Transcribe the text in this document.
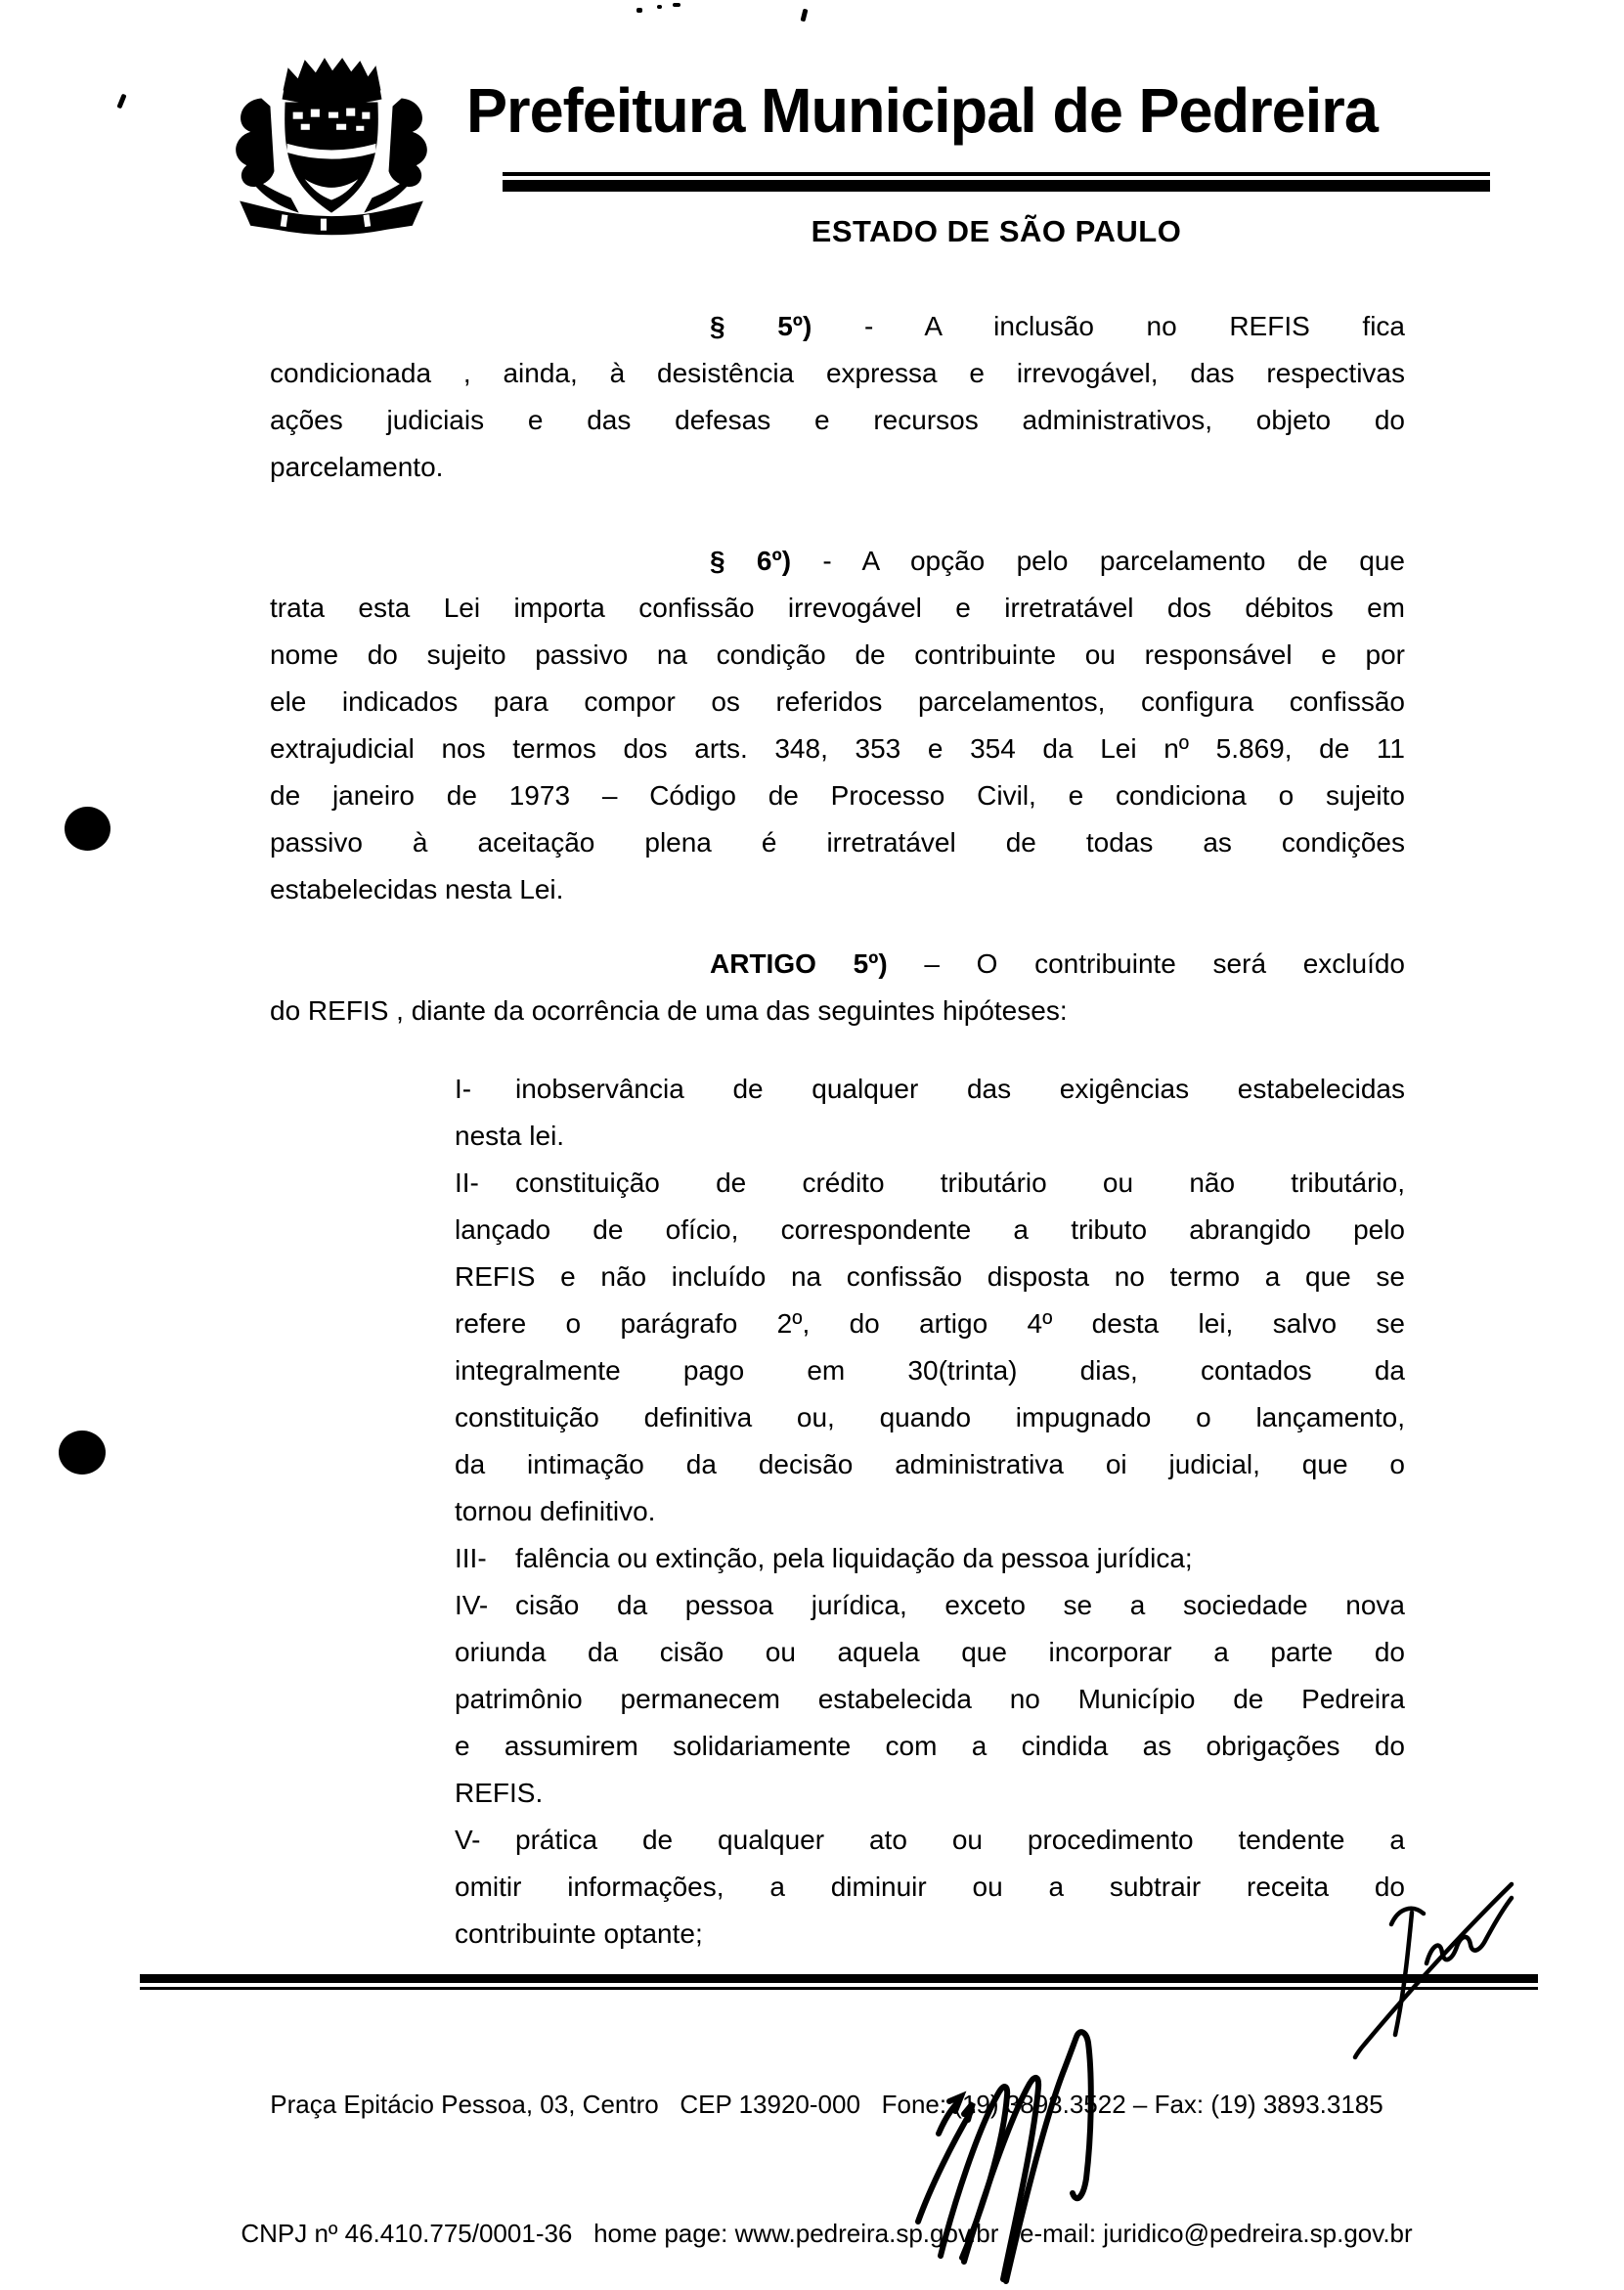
Prefeitura Municipal de Pedreira
ESTADO DE SÃO PAULO
§ 5º) - A inclusão no REFIS fica
condicionada , ainda, à desistência expressa e irrevogável, das respectivas
ações judiciais e das defesas e recursos administrativos, objeto do
parcelamento.
§ 6º) - A opção pelo parcelamento de que
trata esta Lei importa confissão irrevogável e irretratável dos débitos em
nome do sujeito passivo na condição de contribuinte ou responsável e por
ele indicados para compor os referidos parcelamentos, configura confissão
extrajudicial nos termos dos arts. 348, 353 e 354 da Lei nº 5.869, de 11
de janeiro de 1973 – Código de Processo Civil, e condiciona o sujeito
passivo à aceitação plena é irretratável de todas as condições
estabelecidas nesta Lei.
ARTIGO 5º) – O contribuinte será excluído
do REFIS , diante da ocorrência de uma das seguintes hipóteses:
I- inobservância de qualquer das exigências estabelecidas
nesta lei.
II- constituição de crédito tributário ou não tributário,
lançado de ofício, correspondente a tributo abrangido pelo
REFIS e não incluído na confissão disposta no termo a que se
refere o parágrafo 2º, do artigo 4º desta lei, salvo se
integralmente pago em 30(trinta) dias, contados da
constituição definitiva ou, quando impugnado o lançamento,
da intimação da decisão administrativa oi judicial, que o
tornou definitivo.
III- falência ou extinção, pela liquidação da pessoa jurídica;
IV- cisão da pessoa jurídica, exceto se a sociedade nova
oriunda da cisão ou aquela que incorporar a parte do
patrimônio permanecem estabelecida no Município de Pedreira
e assumirem solidariamente com a cindida as obrigações do
REFIS.
V- prática de qualquer ato ou procedimento tendente a
omitir informações, a diminuir ou a subtrair receita do
contribuinte optante;

Praça Epitácio Pessoa, 03, Centro   CEP 13920-000   Fone: (19) 3893.3522 – Fax: (19) 3893.3185

CNPJ nº 46.410.775/0001-36   home page: www.pedreira.sp.gov.br   e-mail: juridico@pedreira.sp.gov.br
